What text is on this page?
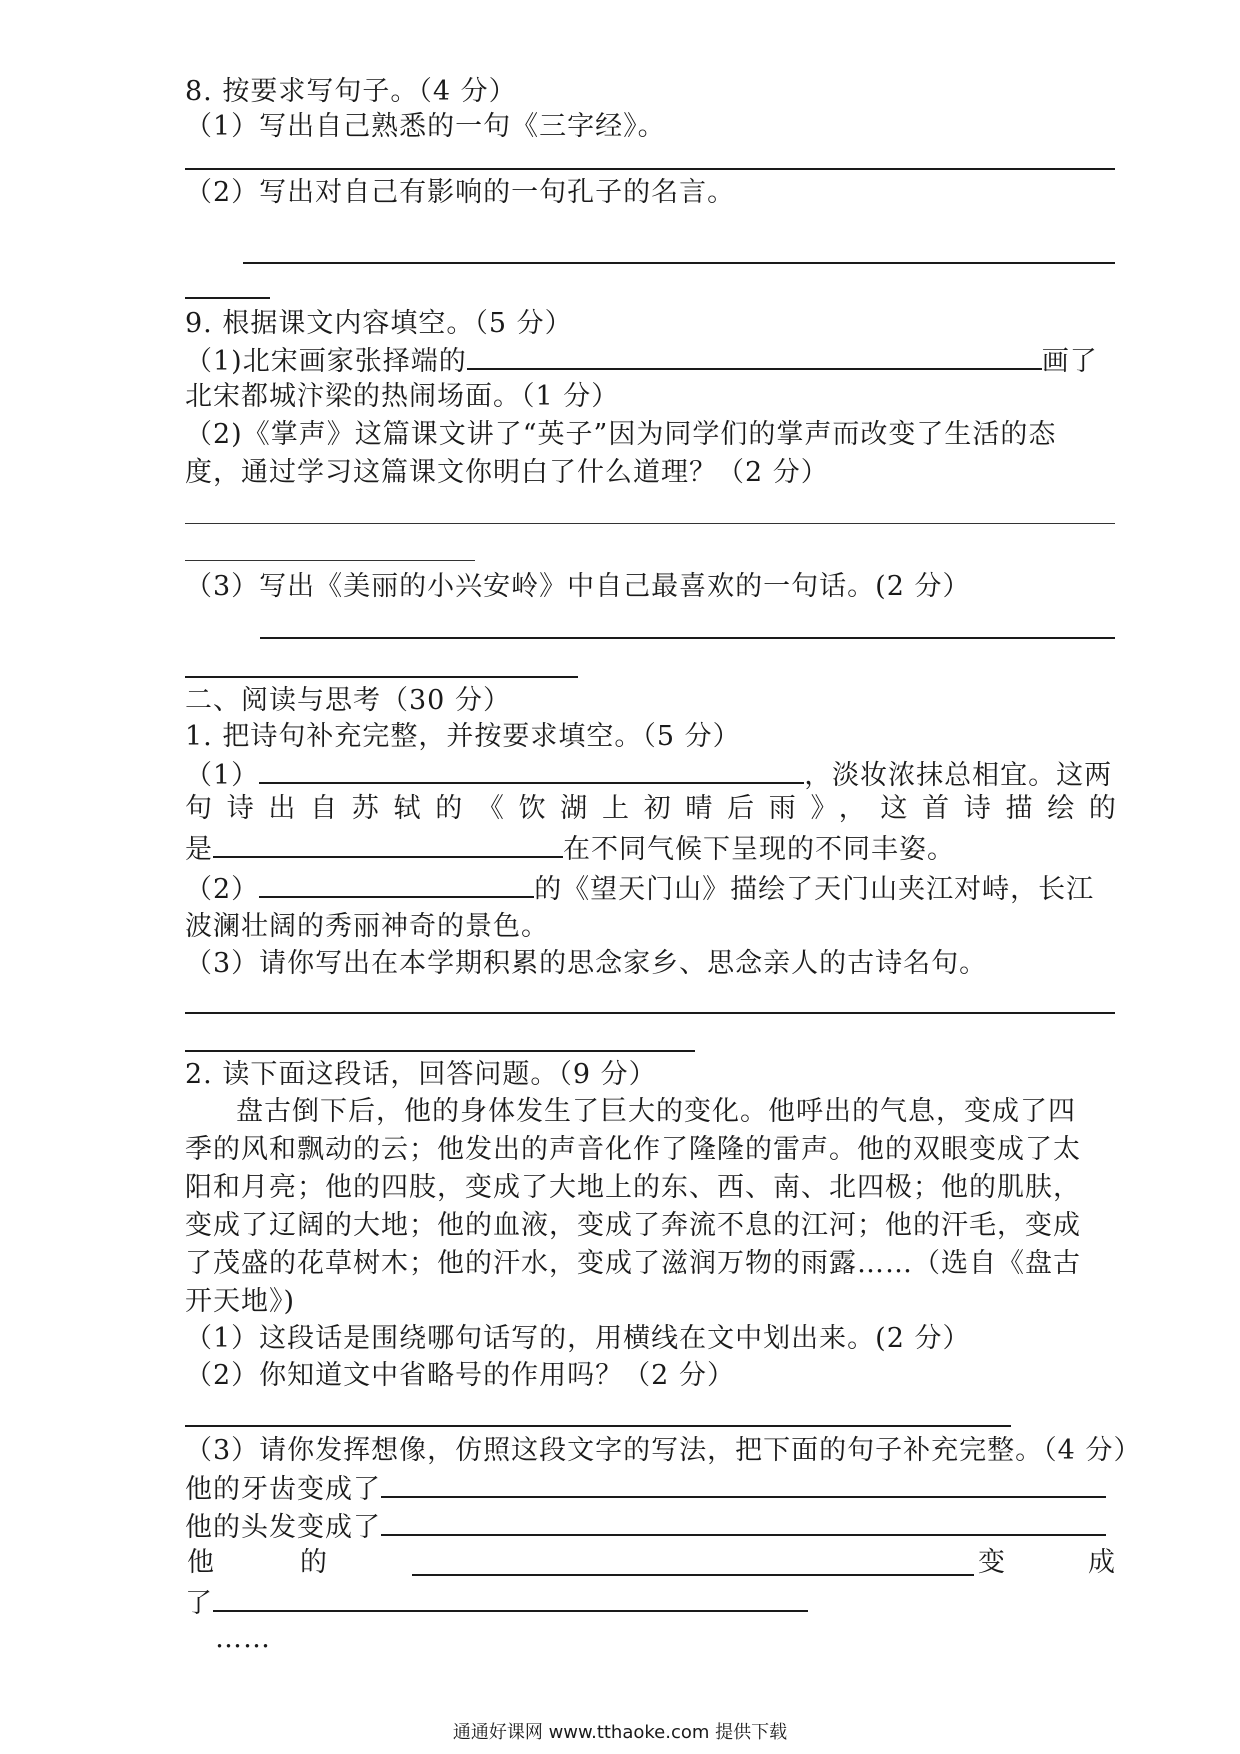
8. 按要求写句子。（4 分）
（1）写出自己熟悉的一句《三字经》。
（2）写出对自己有影响的一句孔子的名言。
9. 根据课文内容填空。（5 分）
（1)北宋画家张择端的	画了
北宋都城汴梁的热闹场面。（1 分）
（2)《掌声》这篇课文讲了“英子”因为同学们的掌声而改变了生活的态
度，通过学习这篇课文你明白了什么道理？（2 分）
（3）写出《美丽的小兴安岭》中自己最喜欢的一句话。(2 分）
二、阅读与思考（30 分）
1. 把诗句补充完整，并按要求填空。（5 分）
（1）	，淡妆浓抹总相宜。这两
句诗出自苏轼的《饮湖上初晴后雨》，这首诗描绘的
是	在不同气候下呈现的不同丰姿。
（2）	的《望天门山》描绘了天门山夹江对峙，长江
波澜壮阔的秀丽神奇的景色。
（3）请你写出在本学期积累的思念家乡、思念亲人的古诗名句。
2. 读下面这段话，回答问题。（9 分）
盘古倒下后，他的身体发生了巨大的变化。他呼出的气息，变成了四
季的风和飘动的云；他发出的声音化作了隆隆的雷声。他的双眼变成了太
阳和月亮；他的四肢，变成了大地上的东、西、南、北四极；他的肌肤，
变成了辽阔的大地；他的血液，变成了奔流不息的江河；他的汗毛，变成
了茂盛的花草树木；他的汗水，变成了滋润万物的雨露……（选自《盘古
开天地》)
（1）这段话是围绕哪句话写的，用横线在文中划出来。(2 分）
（2）你知道文中省略号的作用吗？（2 分）
（3）请你发挥想像，仿照这段文字的写法，把下面的句子补充完整。（4 分）
他的牙齿变成了
他的头发变成了
他	的	变	成
了
……
通通好课网 www.tthaoke.com 提供下载
